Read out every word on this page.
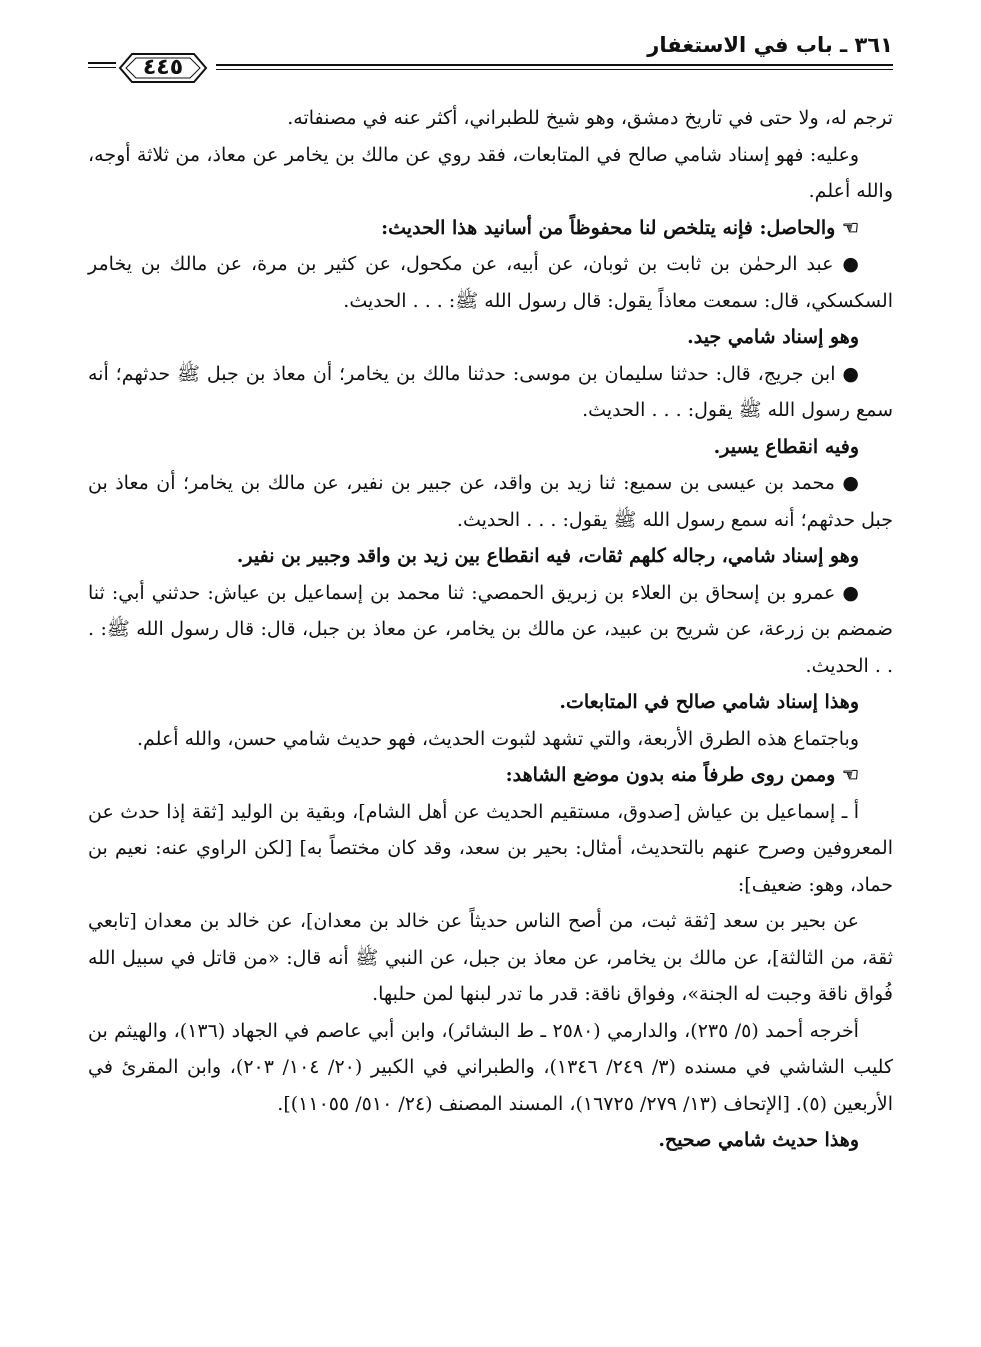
٣٦١ ـ باب في الاستغفار
٤٤٥

ترجم له، ولا حتى في تاريخ دمشق، وهو شيخ للطبراني، أكثر عنه في مصنفاته.

وعليه: فهو إسناد شامي صالح في المتابعات، فقد روي عن مالك بن يخامر عن معاذ، من ثلاثة أوجه، والله أعلم.

☜ والحاصل: فإنه يتلخص لنا محفوظاً من أسانيد هذا الحديث:

● عبد الرحمٰن بن ثابت بن ثوبان، عن أبيه، عن مكحول، عن كثير بن مرة، عن مالك بن يخامر السكسكي، قال: سمعت معاذاً يقول: قال رسول الله ﷺ: . . . الحديث.

وهو إسناد شامي جيد.

● ابن جريج، قال: حدثنا سليمان بن موسى: حدثنا مالك بن يخامر؛ أن معاذ بن جبل ﷺ حدثهم؛ أنه سمع رسول الله ﷺ يقول: . . . الحديث.

وفيه انقطاع يسير.

● محمد بن عيسى بن سميع: ثنا زيد بن واقد، عن جبير بن نفير، عن مالك بن يخامر؛ أن معاذ بن جبل حدثهم؛ أنه سمع رسول الله ﷺ يقول: . . . الحديث.

وهو إسناد شامي، رجاله كلهم ثقات، فيه انقطاع بين زيد بن واقد وجبير بن نفير.

● عمرو بن إسحاق بن العلاء بن زبريق الحمصي: ثنا محمد بن إسماعيل بن عياش: حدثني أبي: ثنا ضمضم بن زرعة، عن شريح بن عبيد، عن مالك بن يخامر، عن معاذ بن جبل، قال: قال رسول الله ﷺ: . . . الحديث.

وهذا إسناد شامي صالح في المتابعات.

وباجتماع هذه الطرق الأربعة، والتي تشهد لثبوت الحديث، فهو حديث شامي حسن، والله أعلم.

☜ وممن روى طرفاً منه بدون موضع الشاهد:

أ ـ إسماعيل بن عياش [صدوق، مستقيم الحديث عن أهل الشام]، وبقية بن الوليد [ثقة إذا حدث عن المعروفين وصرح عنهم بالتحديث، أمثال: بحير بن سعد، وقد كان مختصاً به] [لكن الراوي عنه: نعيم بن حماد، وهو: ضعيف]:

عن بحير بن سعد [ثقة ثبت، من أصح الناس حديثاً عن خالد بن معدان]، عن خالد بن معدان [تابعي ثقة، من الثالثة]، عن مالك بن يخامر، عن معاذ بن جبل، عن النبي ﷺ أنه قال: «من قاتل في سبيل الله فُواق ناقة وجبت له الجنة»، وفواق ناقة: قدر ما تدر لبنها لمن حلبها.

أخرجه أحمد (٥/ ٢٣٥)، والدارمي (٢٥٨٠ ـ ط البشائر)، وابن أبي عاصم في الجهاد (١٣٦)، والهيثم بن كليب الشاشي في مسنده (٣/ ٢٤٩/ ١٣٤٦)، والطبراني في الكبير (٢٠/ ١٠٤/ ٢٠٣)، وابن المقرئ في الأربعين (٥). [الإتحاف (١٣/ ٢٧٩/ ١٦٧٢٥)، المسند المصنف (٢٤/ ٥١٠/ ١١٠٥٥)].

وهذا حديث شامي صحيح.
